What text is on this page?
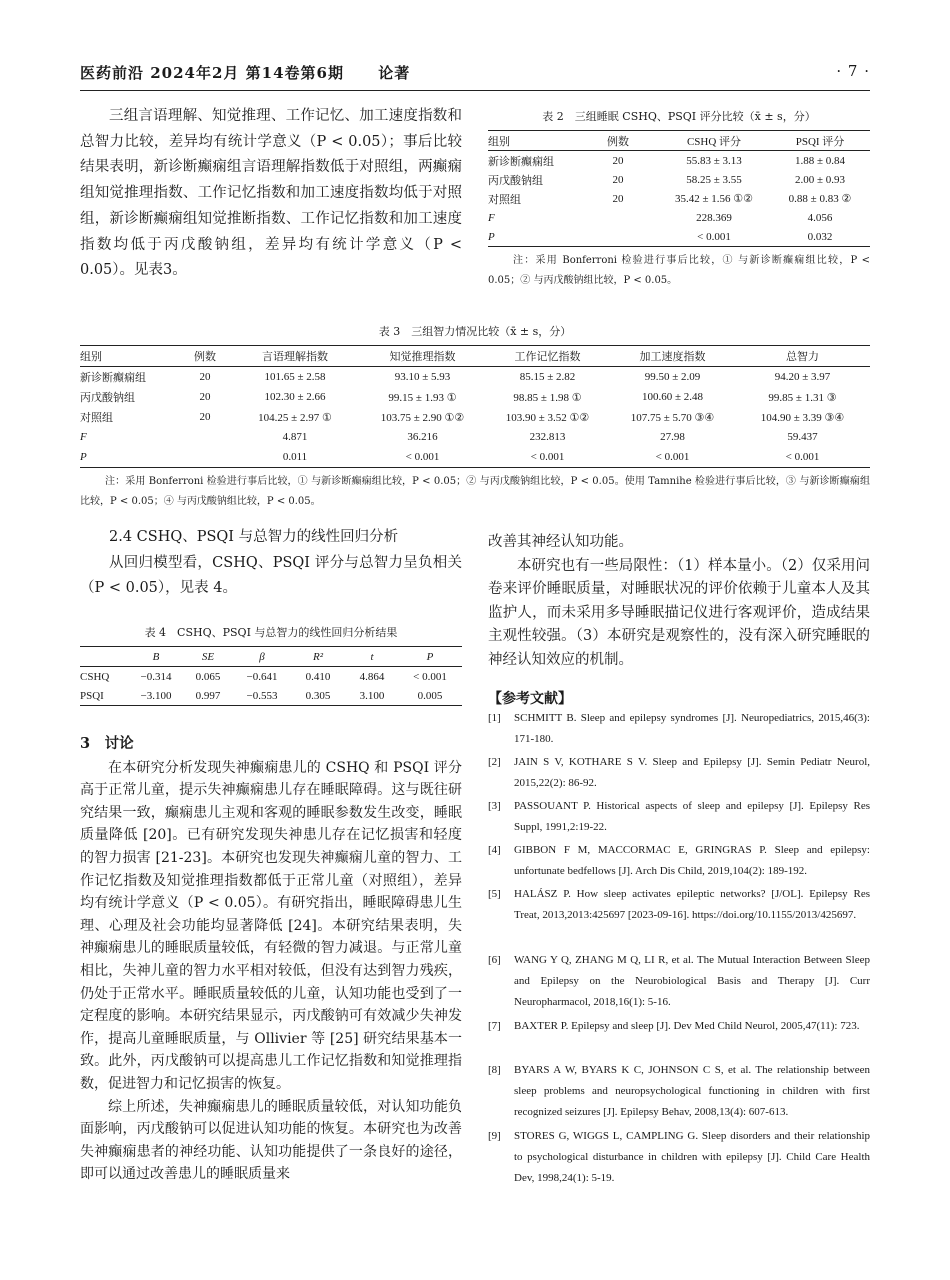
医药前沿 2024年2月 第14卷第6期 论著	· 7 ·

三组言语理解、知觉推理、工作记忆、加工速度指数和总智力比较，差异均有统计学意义（P < 0.05）；事后比较结果表明，新诊断癫痫组言语理解指数低于对照组，两癫痫组知觉推理指数、工作记忆指数和加工速度指数均低于对照组，新诊断癫痫组知觉推断指数、工作记忆指数和加工速度指数均低于丙戊酸钠组，差异均有统计学意义（P < 0.05）。见表3。

表 2　三组睡眠 CSHQ、PSQI 评分比较（x̄ ± s，分）
组别	例数	CSHQ 评分	PSQI 评分
新诊断癫痫组	20	55.83 ± 3.13	1.88 ± 0.84
丙戊酸钠组	20	58.25 ± 3.55	2.00 ± 0.93
对照组	20	35.42 ± 1.56 ①②	0.88 ± 0.83 ②
F		228.369	4.056
P		< 0.001	0.032

注：采用 Bonferroni 检验进行事后比较，① 与新诊断癫痫组比较，P < 0.05；② 与丙戊酸钠组比较，P < 0.05。

表 3　三组智力情况比较（x̄ ± s，分）
组别	例数	言语理解指数	知觉推理指数	工作记忆指数	加工速度指数	总智力
新诊断癫痫组	20	101.65 ± 2.58	93.10 ± 5.93	85.15 ± 2.82	99.50 ± 2.09	94.20 ± 3.97
丙戊酸钠组	20	102.30 ± 2.66	99.15 ± 1.93 ①	98.85 ± 1.98 ①	100.60 ± 2.48	99.85 ± 1.31 ③
对照组	20	104.25 ± 2.97 ①	103.75 ± 2.90 ①②	103.90 ± 3.52 ①②	107.75 ± 5.70 ③④	104.90 ± 3.39 ③④
F		4.871	36.216	232.813	27.98	59.437
P		0.011	< 0.001	< 0.001	< 0.001	< 0.001

注：采用 Bonferroni 检验进行事后比较，① 与新诊断癫痫组比较，P < 0.05；② 与丙戊酸钠组比较，P < 0.05。使用 Tamnihe 检验进行事后比较，③ 与新诊断癫痫组比较，P < 0.05；④ 与丙戊酸钠组比较，P < 0.05。

2.4 CSHQ、PSQI 与总智力的线性回归分析

从回归模型看，CSHQ、PSQI 评分与总智力呈负相关（P < 0.05），见表 4。

表 4　CSHQ、PSQI 与总智力的线性回归分析结果
	B	SE	β	R²	t	P
CSHQ	−0.314	0.065	−0.641	0.410	4.864	< 0.001
PSQI	−3.100	0.997	−0.553	0.305	3.100	0.005
3　讨论

在本研究分析发现失神癫痫患儿的 CSHQ 和 PSQI 评分高于正常儿童，提示失神癫痫患儿存在睡眠障碍。这与既往研究结果一致，癫痫患儿主观和客观的睡眠参数发生改变，睡眠质量降低 [20]。已有研究发现失神患儿存在记忆损害和轻度的智力损害 [21-23]。本研究也发现失神癫痫儿童的智力、工作记忆指数及知觉推理指数都低于正常儿童（对照组），差异均有统计学意义（P < 0.05）。有研究指出，睡眠障碍患儿生理、心理及社会功能均显著降低 [24]。本研究结果表明，失神癫痫患儿的睡眠质量较低，有轻微的智力减退。与正常儿童相比，失神儿童的智力水平相对较低，但没有达到智力残疾，仍处于正常水平。睡眠质量较低的儿童，认知功能也受到了一定程度的影响。本研究结果显示，丙戊酸钠可有效减少失神发作，提高儿童睡眠质量，与 Ollivier 等 [25] 研究结果基本一致。此外，丙戊酸钠可以提高患儿工作记忆指数和知觉推理指数，促进智力和记忆损害的恢复。

综上所述，失神癫痫患儿的睡眠质量较低，对认知功能负面影响，丙戊酸钠可以促进认知功能的恢复。本研究也为改善失神癫痫患者的神经功能、认知功能提供了一条良好的途径，即可以通过改善患儿的睡眠质量来

改善其神经认知功能。

本研究也有一些局限性：（1）样本量小。（2）仅采用问卷来评价睡眠质量，对睡眠状况的评价依赖于儿童本人及其监护人，而未采用多导睡眠描记仪进行客观评价，造成结果主观性较强。（3）本研究是观察性的，没有深入研究睡眠的神经认知效应的机制。

【参考文献】
[1] SCHMITT B. Sleep and epilepsy syndromes [J]. Neuropediatrics, 2015,46(3): 171-180.
[2] JAIN S V, KOTHARE S V. Sleep and Epilepsy [J]. Semin Pediatr Neurol, 2015,22(2): 86-92.
[3] PASSOUANT P. Historical aspects of sleep and epilepsy [J]. Epilepsy Res Suppl, 1991,2:19-22.
[4] GIBBON F M, MACCORMAC E, GRINGRAS P. Sleep and epilepsy: unfortunate bedfellows [J]. Arch Dis Child, 2019,104(2): 189-192.
[5] HALÁSZ P. How sleep activates epileptic networks? [J/OL]. Epilepsy Res Treat, 2013,2013:425697 [2023-09-16]. https://doi.org/10.1155/2013/425697.
[6] WANG Y Q, ZHANG M Q, LI R, et al. The Mutual Interaction Between Sleep and Epilepsy on the Neurobiological Basis and Therapy [J]. Curr Neuropharmacol, 2018,16(1): 5-16.
[7] BAXTER P. Epilepsy and sleep [J]. Dev Med Child Neurol, 2005,47(11): 723.
[8] BYARS A W, BYARS K C, JOHNSON C S, et al. The relationship between sleep problems and neuropsychological functioning in children with first recognized seizures [J]. Epilepsy Behav, 2008,13(4): 607-613.
[9] STORES G, WIGGS L, CAMPLING G. Sleep disorders and their relationship to psychological disturbance in children with epilepsy [J]. Child Care Health Dev, 1998,24(1): 5-19.
